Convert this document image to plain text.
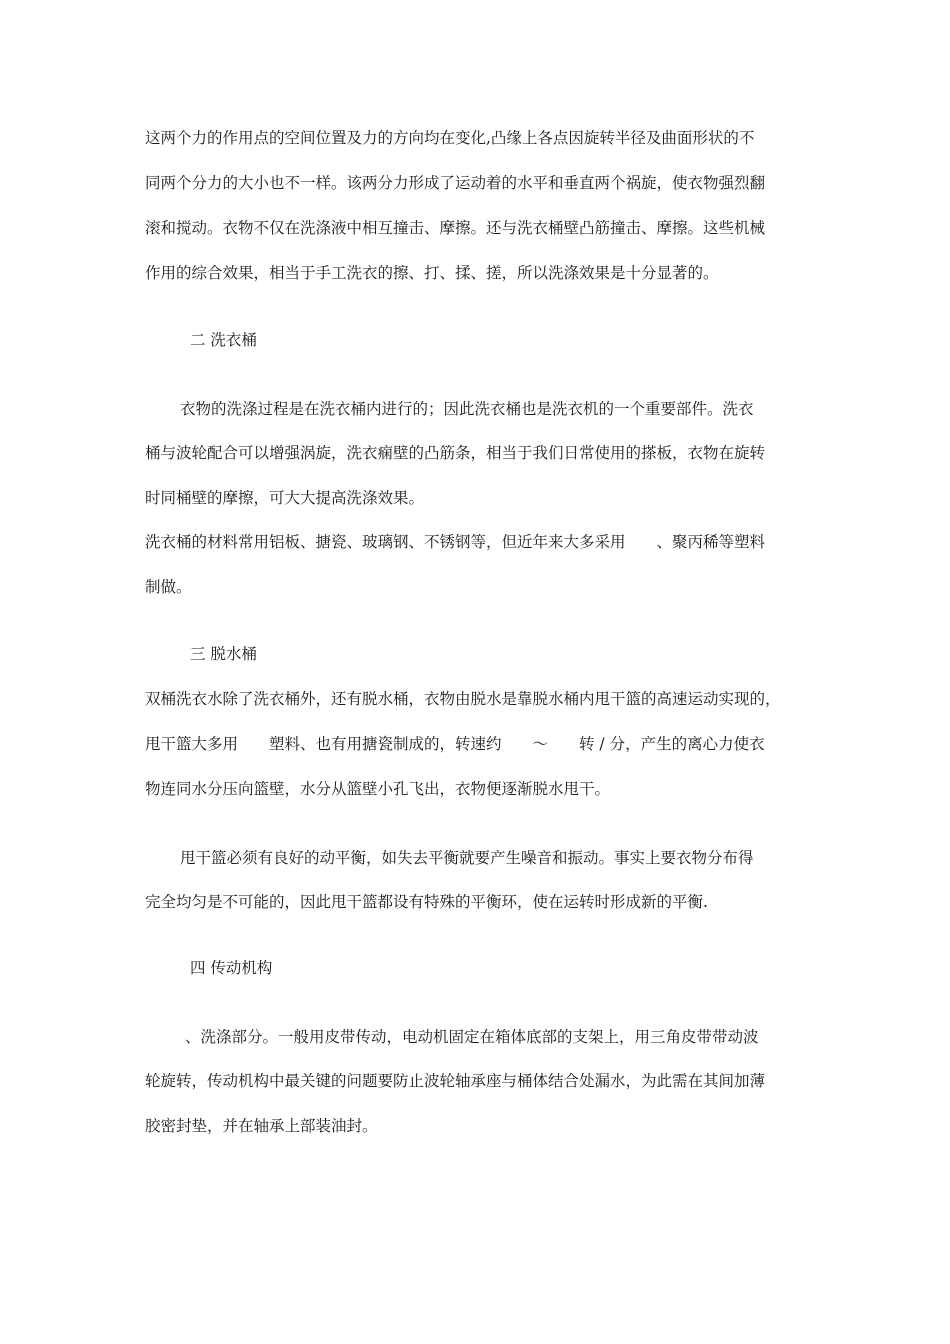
这两个力的作用点的空间位置及力的方向均在变化,凸缘上各点因旋转半径及曲面形状的不
同两个分力的大小也不一样。该两分力形成了运动着的水平和垂直两个祸旋，使衣物强烈翻
滚和搅动。衣物不仅在洗涤液中相互撞击、摩擦。还与洗衣桶壁凸筋撞击、摩擦。这些机械
作用的综合效果，相当于手工洗衣的擦、打、揉、搓，所以洗涤效果是十分显著的。
二 洗衣桶
衣物的洗涤过程是在洗衣桶内进行的；因此洗衣桶也是洗衣机的一个重要部件。洗衣
桶与波轮配合可以增强涡旋，洗衣痫壁的凸筋条，相当于我们日常使用的搽板，衣物在旋转
时同桶壁的摩擦，可大大提高洗涤效果。
洗衣桶的材料常用铝板、搪瓷、玻璃钢、不锈钢等，但近年来大多采用　　、聚丙稀等塑料
制做。
三 脱水桶
双桶洗衣水除了洗衣桶外，还有脱水桶，衣物由脱水是靠脱水桶内甩干篮的高速运动实现的，
甩干篮大多用　　塑料、也有用搪瓷制成的，转速约　　～　　转 / 分，产生的离心力使衣
物连同水分压向篮壁，水分从篮壁小孔飞出，衣物便逐渐脱水甩干。
甩干篮必须有良好的动平衡，如失去平衡就要产生噪音和振动。事实上要衣物分布得
完全均匀是不可能的，因此甩干篮都设有特殊的平衡环，使在运转时形成新的平衡.
四 传动机构
、洗涤部分。一般用皮带传动，电动机固定在箱体底部的支架上，用三角皮带带动波
轮旋转，传动机构中最关键的问题要防止波轮轴承座与桶体结合处漏水，为此需在其间加薄
胶密封垫，并在轴承上部装油封。
